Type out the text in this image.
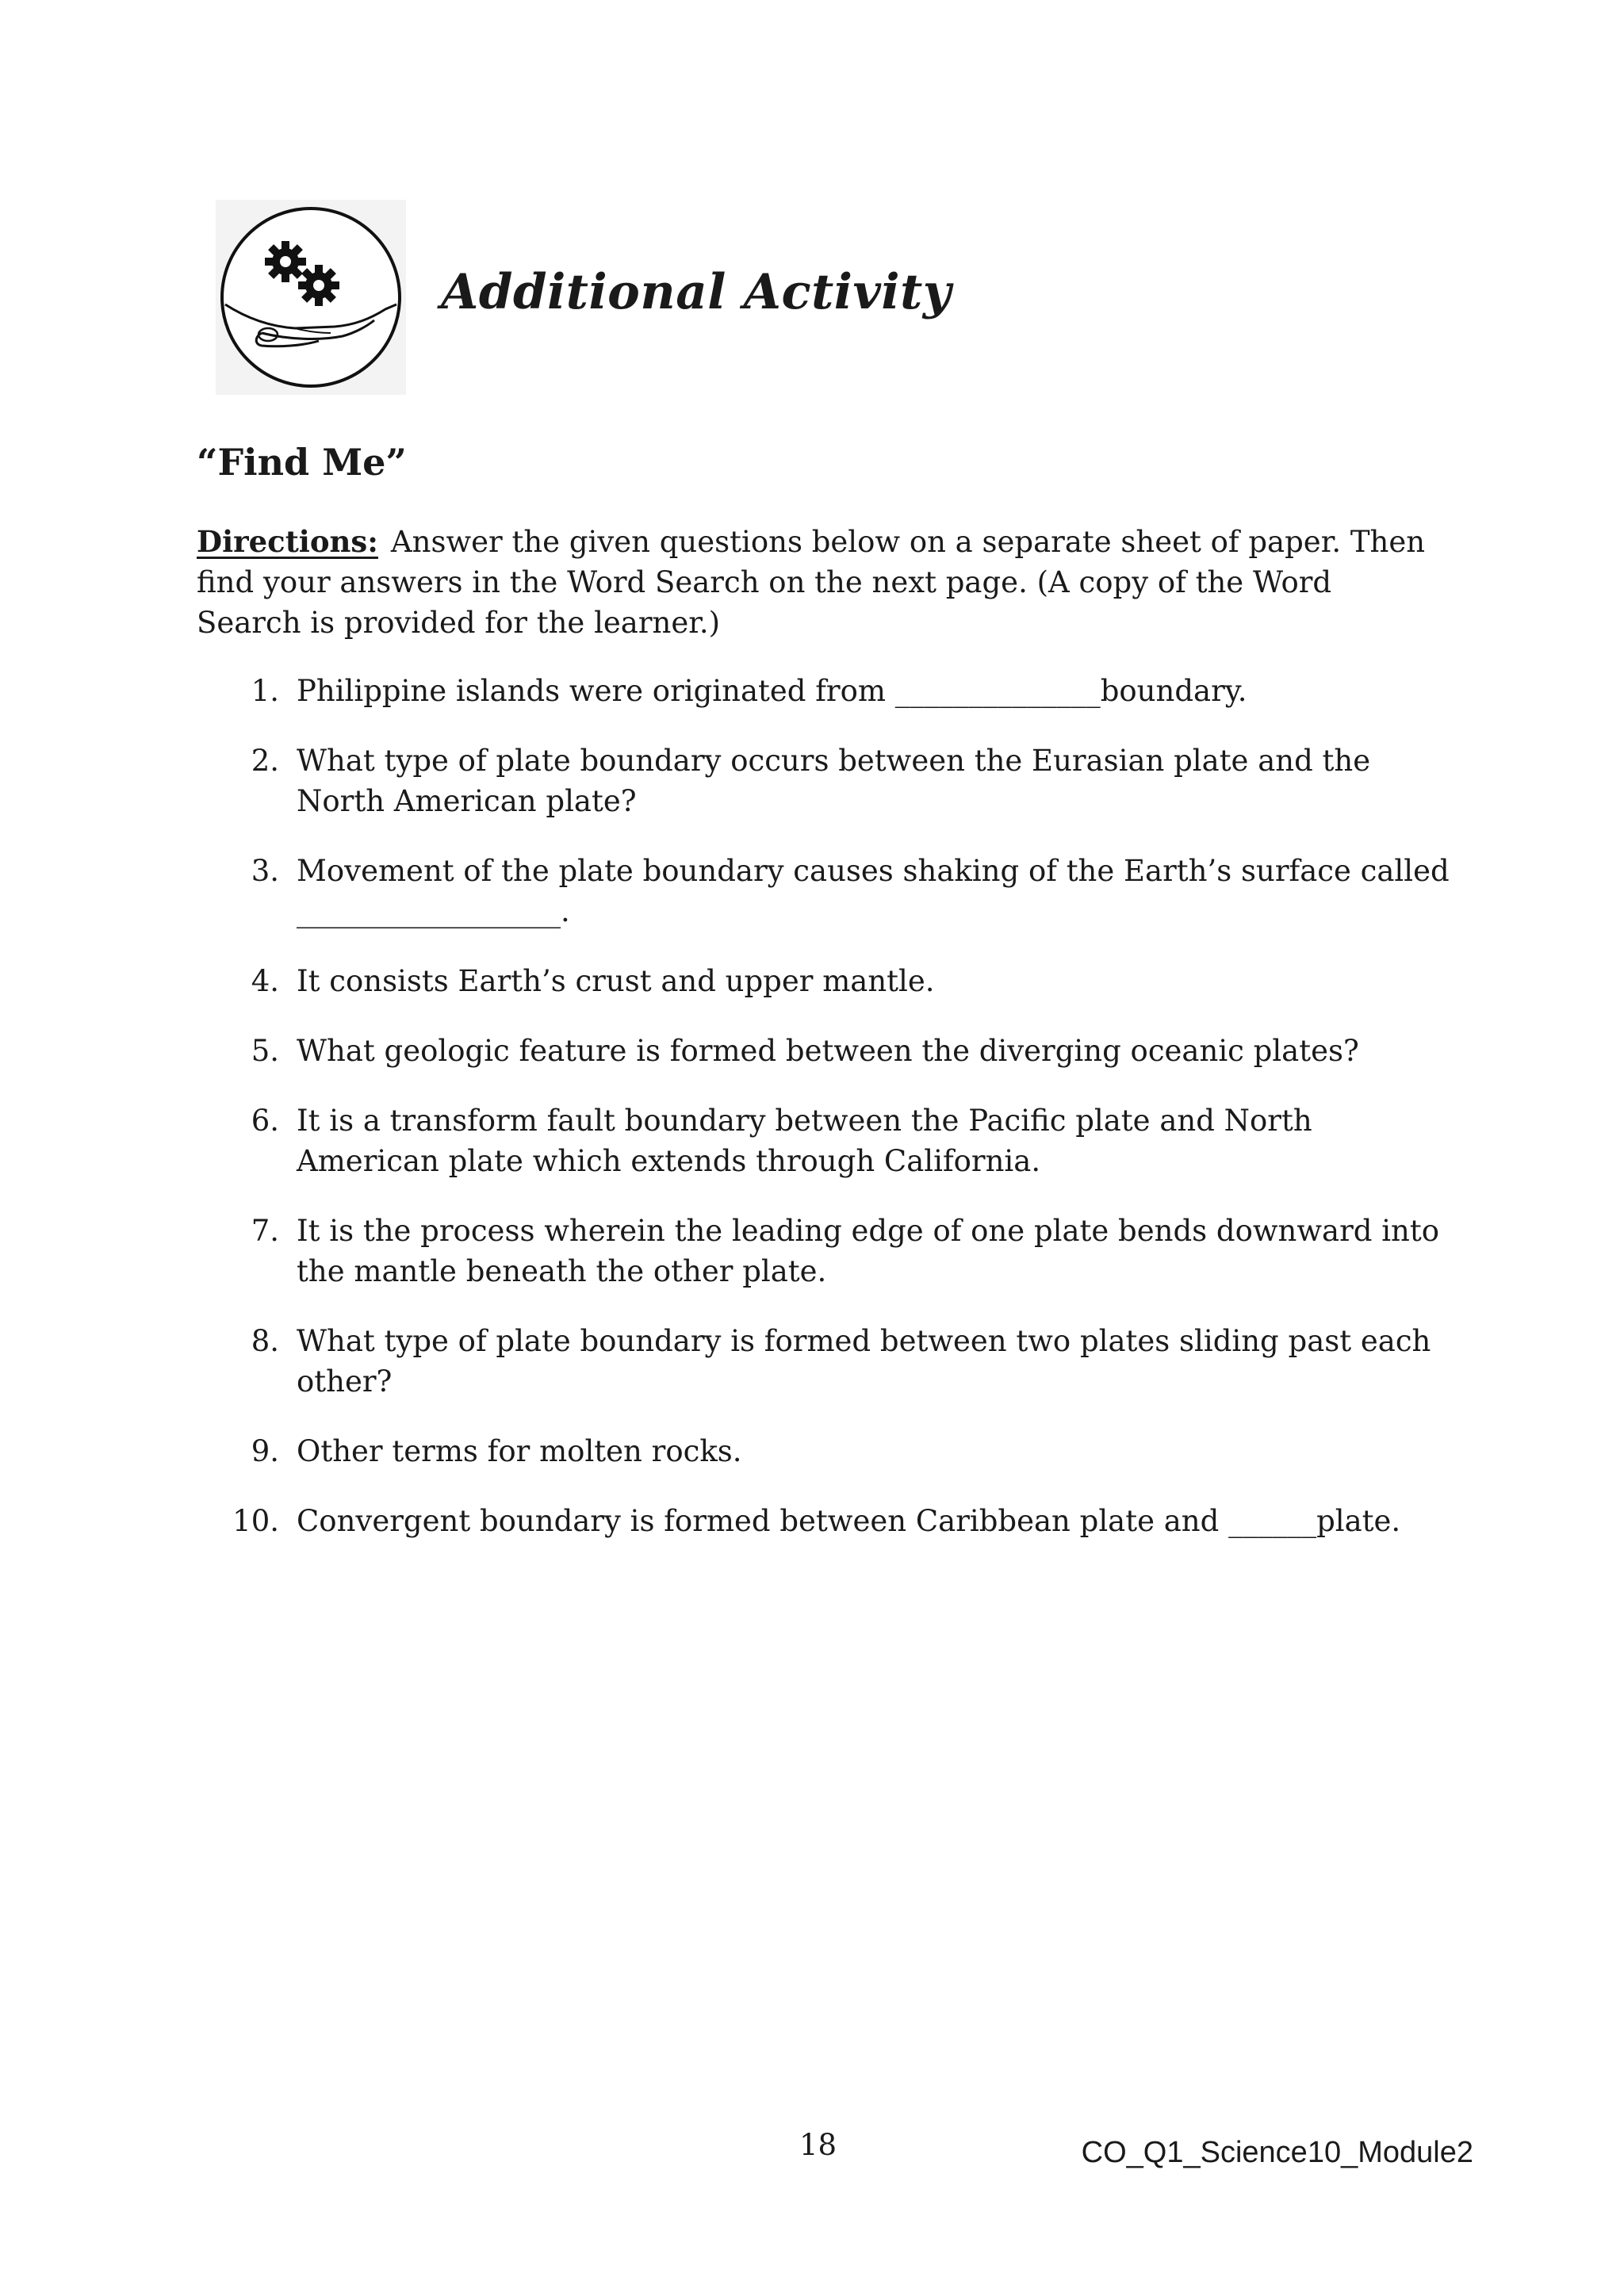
Additional Activity
“Find Me”
Directions: Answer the given questions below on a separate sheet of paper. Then find your answers in the Word Search on the next page. (A copy of the Word Search is provided for the learner.)
1. Philippine islands were originated from ______________boundary.
2. What type of plate boundary occurs between the Eurasian plate and the North American plate?
3. Movement of the plate boundary causes shaking of the Earth’s surface called __________________.
4. It consists Earth’s crust and upper mantle.
5. What geologic feature is formed between the diverging oceanic plates?
6. It is a transform fault boundary between the Pacific plate and North American plate which extends through California.
7. It is the process wherein the leading edge of one plate bends downward into the mantle beneath the other plate.
8. What type of plate boundary is formed between two plates sliding past each other?
9. Other terms for molten rocks.
10. Convergent boundary is formed between Caribbean plate and ______plate.
18	CO_Q1_Science10_Module2
